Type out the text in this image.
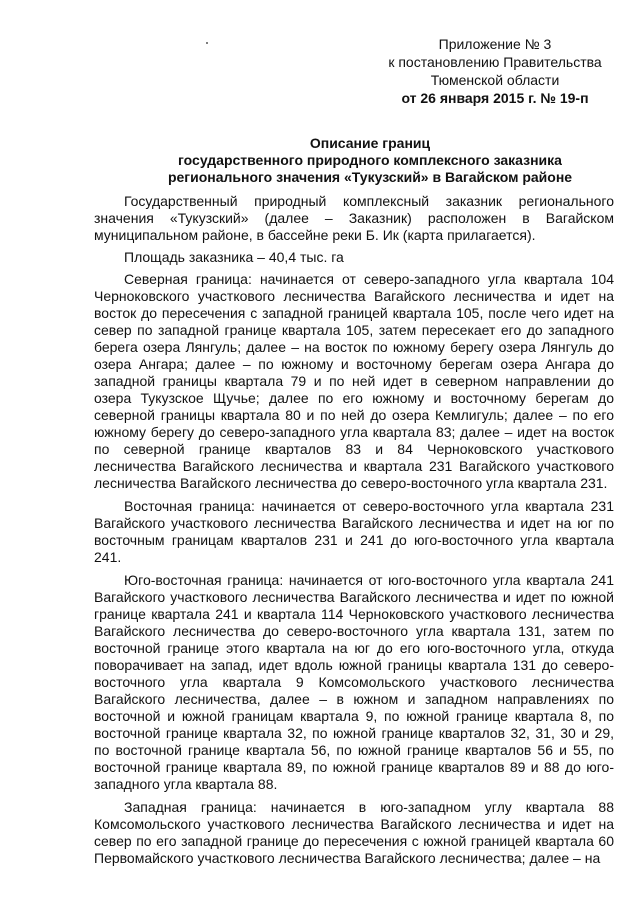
Приложение № 3
к постановлению Правительства
Тюменской области
от 26 января 2015 г. № 19-п
Описание границ
государственного природного комплексного заказника
регионального значения «Тукузский» в Вагайском районе

Государственный природный комплексный заказник регионального значения «Тукузский» (далее – Заказник) расположен в Вагайском муниципальном районе, в бассейне реки Б. Ик (карта прилагается).

Площадь заказника – 40,4 тыс. га

Северная граница: начинается от северо-западного угла квартала 104 Черноковского участкового лесничества Вагайского лесничества и идет на восток до пересечения с западной границей квартала 105, после чего идет на север по западной границе квартала 105, затем пересекает его до западного берега озера Лянгуль; далее – на восток по южному берегу озера Лянгуль до озера Ангара; далее – по южному и восточному берегам озера Ангара до западной границы квартала 79 и по ней идет в северном направлении до озера Тукузское Щучье; далее по его южному и восточному берегам до северной границы квартала 80 и по ней до озера Кемлигуль; далее – по его южному берегу до северо-западного угла квартала 83; далее – идет на восток по северной границе кварталов 83 и 84 Черноковского участкового лесничества Вагайского лесничества и квартала 231 Вагайского участкового лесничества Вагайского лесничества до северо-восточного угла квартала 231.

Восточная граница: начинается от северо-восточного угла квартала 231 Вагайского участкового лесничества Вагайского лесничества и идет на юг по восточным границам кварталов 231 и 241 до юго-восточного угла квартала 241.

Юго-восточная граница: начинается от юго-восточного угла квартала 241 Вагайского участкового лесничества Вагайского лесничества и идет по южной границе квартала 241 и квартала 114 Черноковского участкового лесничества Вагайского лесничества до северо-восточного угла квартала 131, затем по восточной границе этого квартала на юг до его юго-восточного угла, откуда поворачивает на запад, идет вдоль южной границы квартала 131 до северо-восточного угла квартала 9 Комсомольского участкового лесничества Вагайского лесничества, далее – в южном и западном направлениях по восточной и южной границам квартала 9, по южной границе квартала 8, по восточной границе квартала 32, по южной границе кварталов 32, 31, 30 и 29, по восточной границе квартала 56, по южной границе кварталов 56 и 55, по восточной границе квартала 89, по южной границе кварталов 89 и 88 до юго-западного угла квартала 88.

Западная граница: начинается в юго-западном углу квартала 88 Комсомольского участкового лесничества Вагайского лесничества и идет на север по его западной границе до пересечения с южной границей квартала 60 Первомайского участкового лесничества Вагайского лесничества; далее – на
